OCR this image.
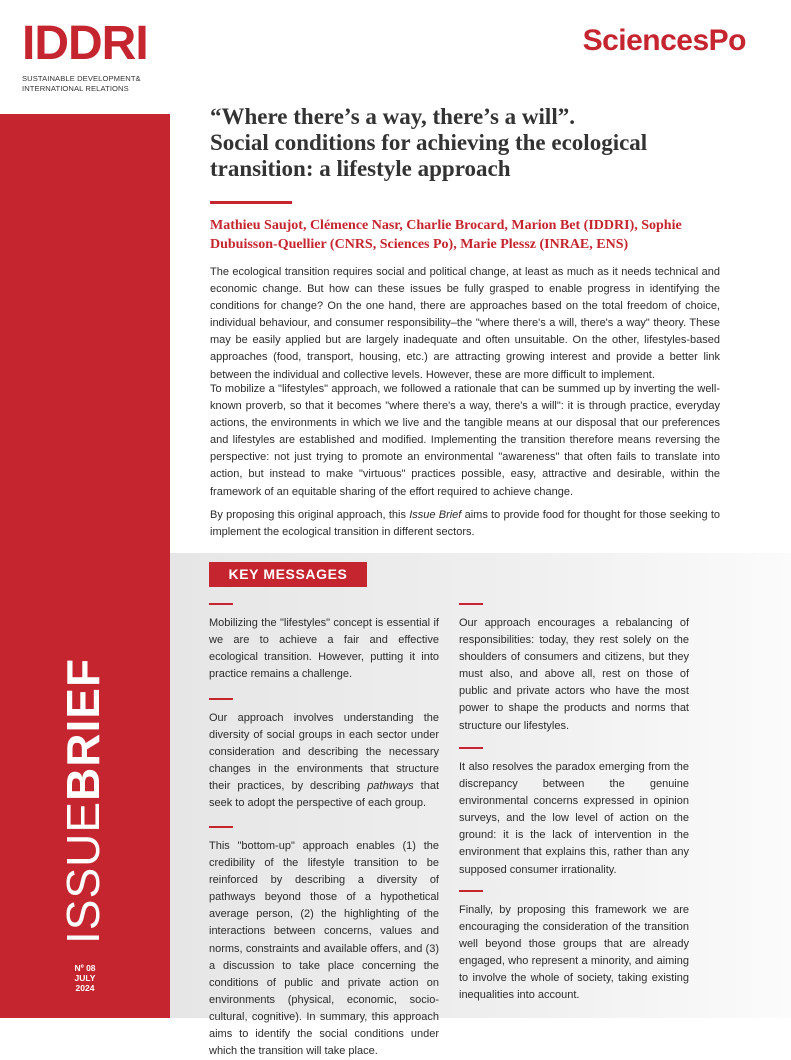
IDDRI
SUSTAINABLE DEVELOPMENT&
INTERNATIONAL RELATIONS
SciencesPo
ISSUEBRIEF
Nº 08
JULY
2024
“Where there’s a way, there’s a will”.
Social conditions for achieving the ecological
transition: a lifestyle approach
Mathieu Saujot, Clémence Nasr, Charlie Brocard, Marion Bet (IDDRI), Sophie
Dubuisson-Quellier (CNRS, Sciences Po), Marie Plessz (INRAE, ENS)

The ecological transition requires social and political change, at least as much as it needs technical and economic change. But how can these issues be fully grasped to enable progress in identifying the conditions for change? On the one hand, there are approaches based on the total freedom of choice, individual behaviour, and consumer responsibility–the "where there's a will, there's a way" theory. These may be easily applied but are largely inadequate and often unsuitable. On the other, lifestyles-based approaches (food, transport, housing, etc.) are attracting growing interest and provide a better link between the individual and collective levels. However, these are more difficult to implement.

To mobilize a "lifestyles" approach, we followed a rationale that can be summed up by inverting the well-known proverb, so that it becomes "where there's a way, there's a will": it is through practice, everyday actions, the environments in which we live and the tangible means at our disposal that our preferences and lifestyles are established and modified. Implementing the transition therefore means reversing the perspective: not just trying to promote an environmental "awareness" that often fails to translate into action, but instead to make "virtuous" practices possible, easy, attractive and desirable, within the framework of an equitable sharing of the effort required to achieve change.

By proposing this original approach, this Issue Brief aims to provide food for thought for those seeking to implement the ecological transition in different sectors.

KEY MESSAGES

Mobilizing the "lifestyles" concept is essential if we are to achieve a fair and effective ecological transition. However, putting it into practice remains a challenge.

Our approach involves understanding the diversity of social groups in each sector under consideration and describing the necessary changes in the environments that structure their practices, by describing pathways that seek to adopt the perspective of each group.

This "bottom-up" approach enables (1) the credibility of the lifestyle transition to be reinforced by describing a diversity of pathways beyond those of a hypothetical average person, (2) the highlighting of the interactions between concerns, values and norms, constraints and available offers, and (3) a discussion to take place concerning the conditions of public and private action on environments (physical, economic, socio-cultural, cognitive). In summary, this approach aims to identify the social conditions under which the transition will take place.

Our approach encourages a rebalancing of responsibilities: today, they rest solely on the shoulders of consumers and citizens, but they must also, and above all, rest on those of public and private actors who have the most power to shape the products and norms that structure our lifestyles.

It also resolves the paradox emerging from the discrepancy between the genuine environmental concerns expressed in opinion surveys, and the low level of action on the ground: it is the lack of intervention in the environment that explains this, rather than any supposed consumer irrationality.

Finally, by proposing this framework we are encouraging the consideration of the transition well beyond those groups that are already engaged, who represent a minority, and aiming to involve the whole of society, taking existing inequalities into account.
